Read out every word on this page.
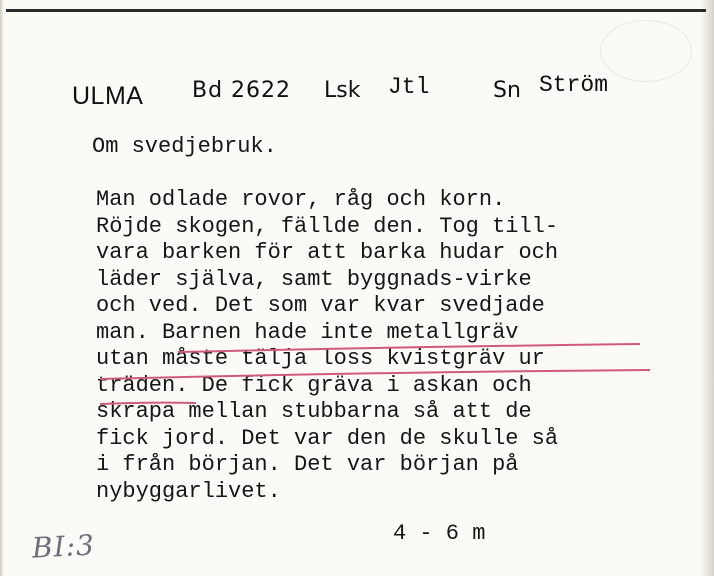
ULMA Bd 2622 Lsk Jtl	Sn Ström

Om svedjebruk.

Man odlade rovor, råg och korn.
Röjde skogen, fällde den. Tog till-
vara barken för att barka hudar och
läder själva, samt byggnads-virke
och ved. Det som var kvar svedjade
man. Barnen hade inte metallgräv
utan måste tälja loss kvistgräv ur
träden. De fick gräva i askan och
skrapa mellan stubbarna så att de
fick jord. Det var den de skulle så
i från början. Det var början på
nybyggarlivet.
4 - 6 m
BI:3
